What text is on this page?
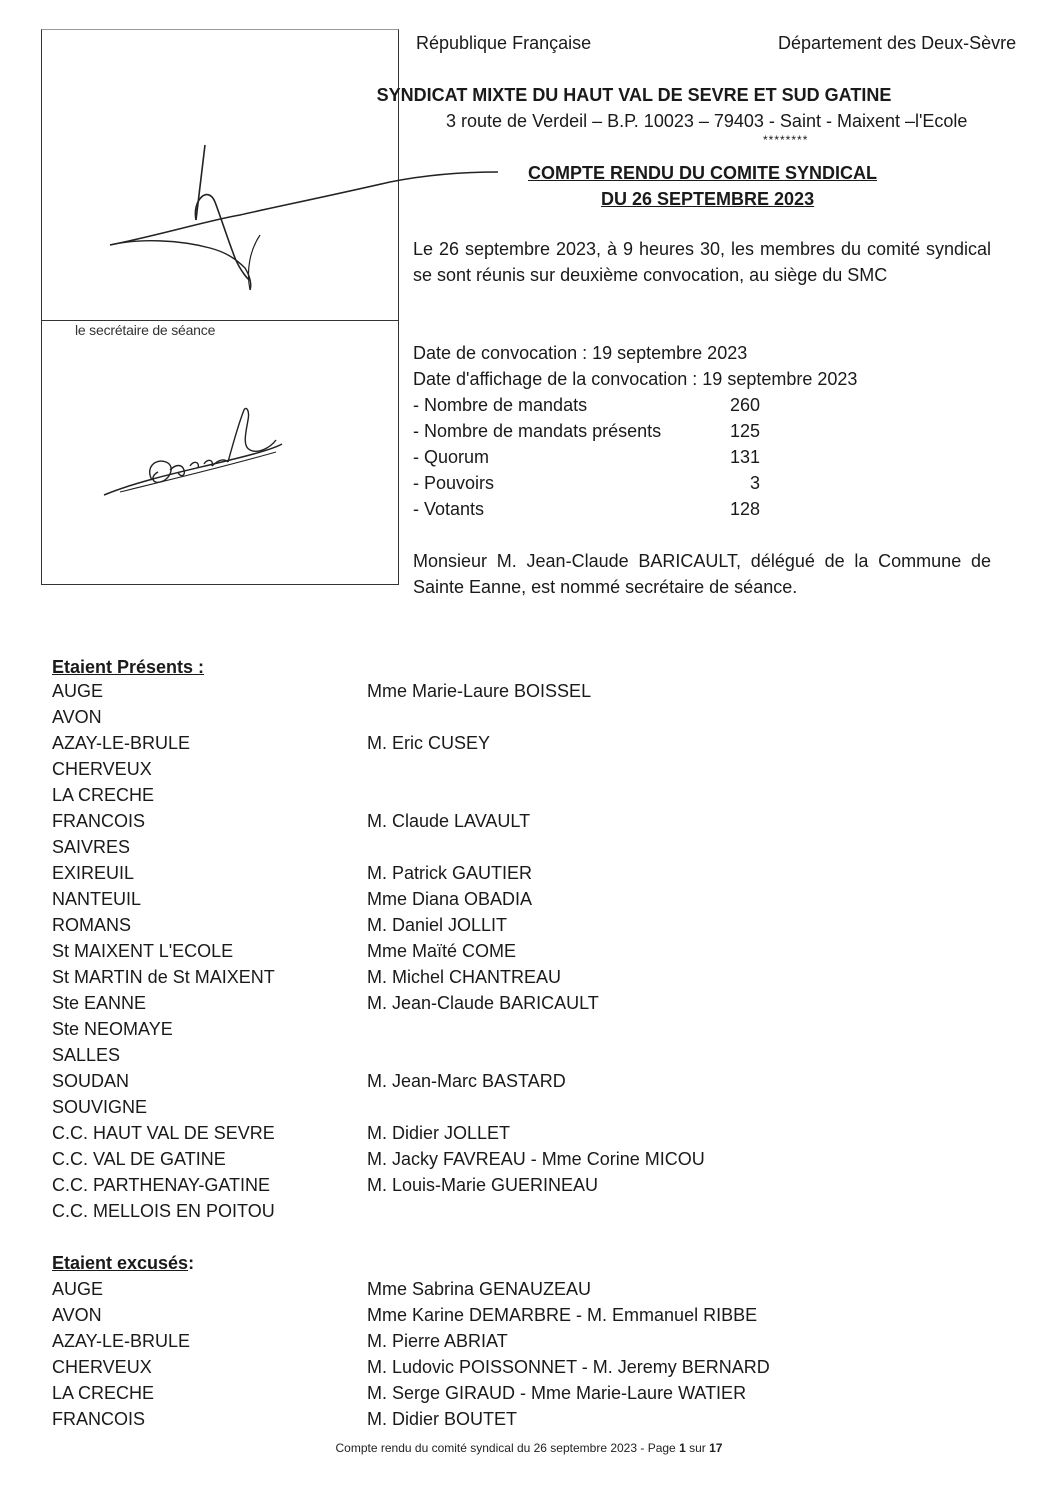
le secrétaire de séance
République Française	Département des Deux-Sèvre
SYNDICAT MIXTE DU HAUT VAL DE SEVRE ET SUD GATINE
3 route de Verdeil – B.P. 10023 – 79403 - Saint - Maixent –l'Ecole
********
COMPTE RENDU DU COMITE SYNDICAL
DU 26 SEPTEMBRE 2023
Le 26 septembre 2023, à 9 heures 30, les membres du comité syndical se sont réunis sur deuxième convocation, au siège du SMC
Date de convocation : 19 septembre 2023
Date d'affichage de la convocation : 19 septembre 2023
- Nombre de mandats	260
- Nombre de mandats présents	125
- Quorum	131
- Pouvoirs	3
- Votants	128
Monsieur M. Jean-Claude BARICAULT, délégué de la Commune de Sainte Eanne, est nommé secrétaire de séance.
Etaient Présents :
AUGE	Mme Marie-Laure BOISSEL
AVON
AZAY-LE-BRULE	M. Eric CUSEY
CHERVEUX
LA CRECHE
FRANCOIS	M. Claude LAVAULT
SAIVRES
EXIREUIL	M. Patrick GAUTIER
NANTEUIL	Mme Diana OBADIA
ROMANS	M. Daniel JOLLIT
St MAIXENT L'ECOLE	Mme Maïté COME
St MARTIN de St MAIXENT	M. Michel CHANTREAU
Ste EANNE	M. Jean-Claude BARICAULT
Ste NEOMAYE
SALLES
SOUDAN	M. Jean-Marc BASTARD
SOUVIGNE
C.C. HAUT VAL DE SEVRE	M. Didier JOLLET
C.C. VAL DE GATINE	M. Jacky FAVREAU - Mme Corine MICOU
C.C. PARTHENAY-GATINE	M. Louis-Marie GUERINEAU
C.C. MELLOIS EN POITOU
Etaient excusés:
AUGE	Mme Sabrina GENAUZEAU
AVON	Mme Karine DEMARBRE - M. Emmanuel RIBBE
AZAY-LE-BRULE	M. Pierre ABRIAT
CHERVEUX	M. Ludovic POISSONNET - M. Jeremy BERNARD
LA CRECHE	M. Serge GIRAUD - Mme Marie-Laure WATIER
FRANCOIS	M. Didier BOUTET
Compte rendu du comité syndical du 26 septembre 2023 - Page 1 sur 17
